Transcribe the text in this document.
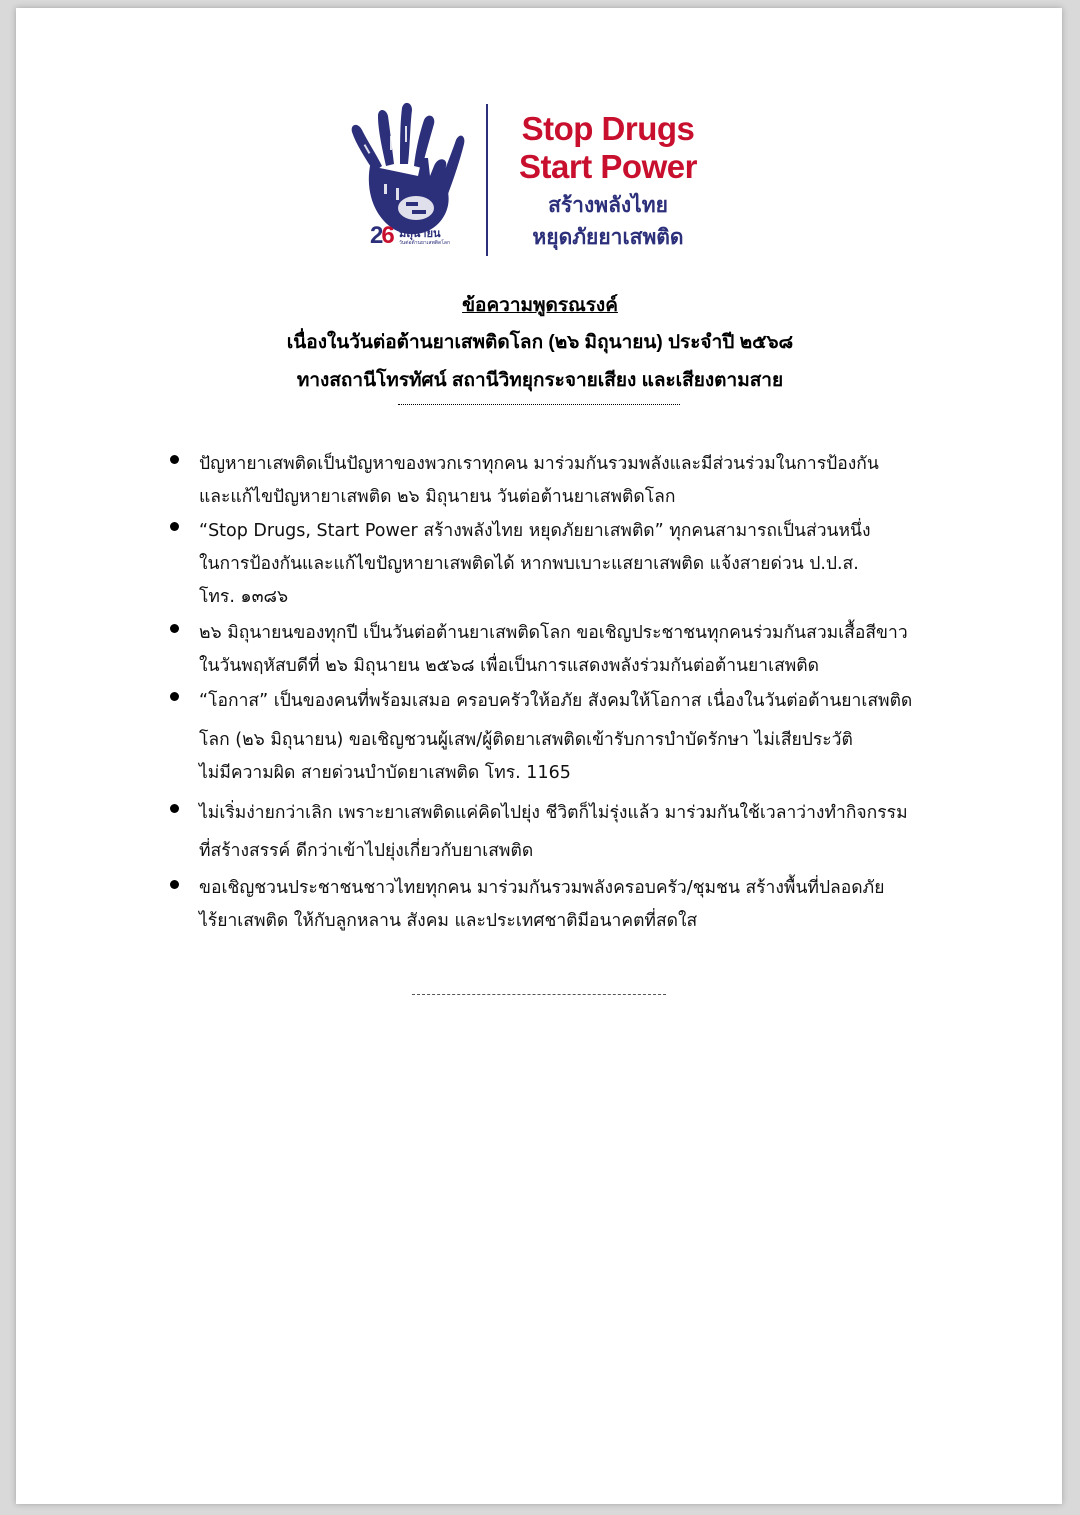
26 มิถุนายน
วันต่อต้านยาเสพติดโลก
Stop Drugs
Start Power
สร้างพลังไทย
หยุดภัยยาเสพติด
ข้อความพูดรณรงค์
เนื่องในวันต่อต้านยาเสพติดโลก (๒๖ มิถุนายน) ประจำปี ๒๕๖๘
ทางสถานีโทรทัศน์ สถานีวิทยุกระจายเสียง และเสียงตามสาย
ปัญหายาเสพติดเป็นปัญหาของพวกเราทุกคน มาร่วมกันรวมพลังและมีส่วนร่วมในการป้องกัน
และแก้ไขปัญหายาเสพติด ๒๖ มิถุนายน วันต่อต้านยาเสพติดโลก
“Stop Drugs, Start Power สร้างพลังไทย หยุดภัยยาเสพติด” ทุกคนสามารถเป็นส่วนหนึ่ง
ในการป้องกันและแก้ไขปัญหายาเสพติดได้ หากพบเบาะแสยาเสพติด แจ้งสายด่วน ป.ป.ส.
โทร. ๑๓๘๖
๒๖ มิถุนายนของทุกปี เป็นวันต่อต้านยาเสพติดโลก ขอเชิญประชาชนทุกคนร่วมกันสวมเสื้อสีขาว
ในวันพฤหัสบดีที่ ๒๖ มิถุนายน ๒๕๖๘ เพื่อเป็นการแสดงพลังร่วมกันต่อต้านยาเสพติด
“โอกาส” เป็นของคนที่พร้อมเสมอ ครอบครัวให้อภัย สังคมให้โอกาส เนื่องในวันต่อต้านยาเสพติด
โลก (๒๖ มิถุนายน) ขอเชิญชวนผู้เสพ/ผู้ติดยาเสพติดเข้ารับการบำบัดรักษา ไม่เสียประวัติ
ไม่มีความผิด สายด่วนบำบัดยาเสพติด โทร. 1165
ไม่เริ่มง่ายกว่าเลิก เพราะยาเสพติดแค่คิดไปยุ่ง ชีวิตก็ไม่รุ่งแล้ว มาร่วมกันใช้เวลาว่างทำกิจกรรม
ที่สร้างสรรค์ ดีกว่าเข้าไปยุ่งเกี่ยวกับยาเสพติด
ขอเชิญชวนประชาชนชาวไทยทุกคน มาร่วมกันรวมพลังครอบครัว/ชุมชน สร้างพื้นที่ปลอดภัย
ไร้ยาเสพติด ให้กับลูกหลาน สังคม และประเทศชาติมีอนาคตที่สดใส
